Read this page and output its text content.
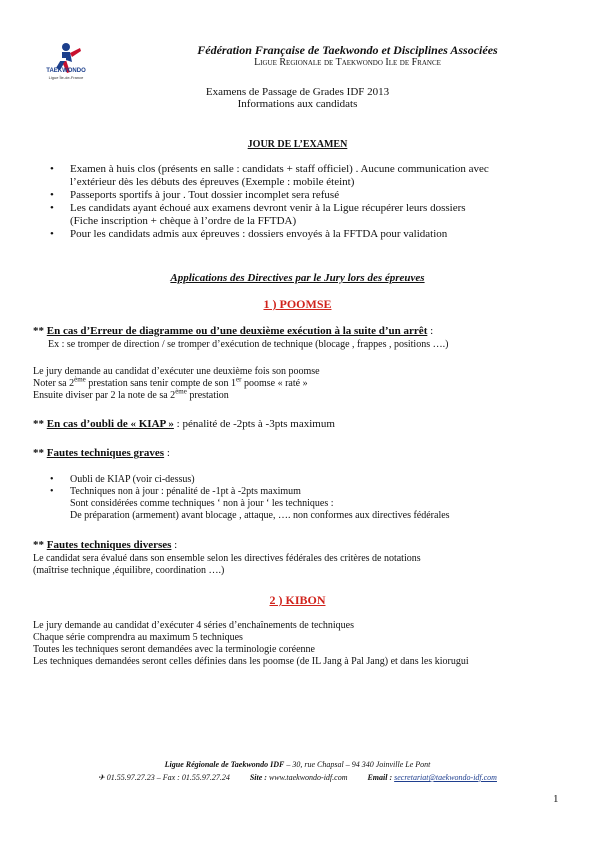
TAEKWONDO
Ligue Île-de-France
Fédération Française de Taekwondo et Disciplines Associées
Ligue Regionale de Taekwondo Ile de France
Examens de Passage de Grades IDF 2013
Informations aux candidats
JOUR DE L’EXAMEN
• Examen à huis clos (présents en salle : candidats + staff officiel) . Aucune communication avec
l’extérieur dès les débuts des épreuves (Exemple : mobile éteint)
• Passeports sportifs à jour . Tout dossier incomplet sera refusé
• Les candidats ayant échoué aux examens devront venir à la Ligue récupérer leurs dossiers
(Fiche inscription + chèque à l’ordre de la FFTDA)
• Pour les candidats admis aux épreuves : dossiers envoyés à la FFTDA pour validation
Applications des Directives par le Jury lors des épreuves
1 ) POOMSE
** En cas d’Erreur de diagramme ou d’une deuxième exécution à la suite d’un arrêt :
Ex : se tromper de direction / se tromper d’exécution de technique (blocage , frappes , positions ….)
Le jury demande au candidat d’exécuter une deuxième fois son poomse
Noter sa 2ème prestation sans tenir compte de son 1er poomse « raté »
Ensuite diviser par 2 la note de sa 2ème prestation
** En cas d’oubli de « KIAP » : pénalité de -2pts à -3pts maximum
** Fautes techniques graves :
• Oubli de KIAP (voir ci-dessus)
• Techniques non à jour : pénalité de -1pt à -2pts maximum
Sont considérées comme techniques ‘ non à jour ‘ les techniques :
De préparation (armement) avant blocage , attaque, …. non conformes aux directives fédérales
** Fautes techniques diverses :
Le candidat sera évalué dans son ensemble selon les directives fédérales des critères de notations
(maîtrise technique ,équilibre, coordination ….)
2 ) KIBON
Le jury demande au candidat d’exécuter 4 séries d’enchaînements de techniques
Chaque série comprendra au maximum 5 techniques
Toutes les techniques seront demandées avec la terminologie coréenne
Les techniques demandées seront celles définies dans les poomse (de IL Jang à Pal Jang) et dans les kiorugui
Ligue Régionale de Taekwondo IDF – 30, rue Chapsal – 94 340 Joinville Le Pont
✈ 01.55.97.27.23 – Fax : 01.55.97.27.24	Site : www.taekwondo-idf.com	Email : secretariat@taekwondo-idf.com
1
